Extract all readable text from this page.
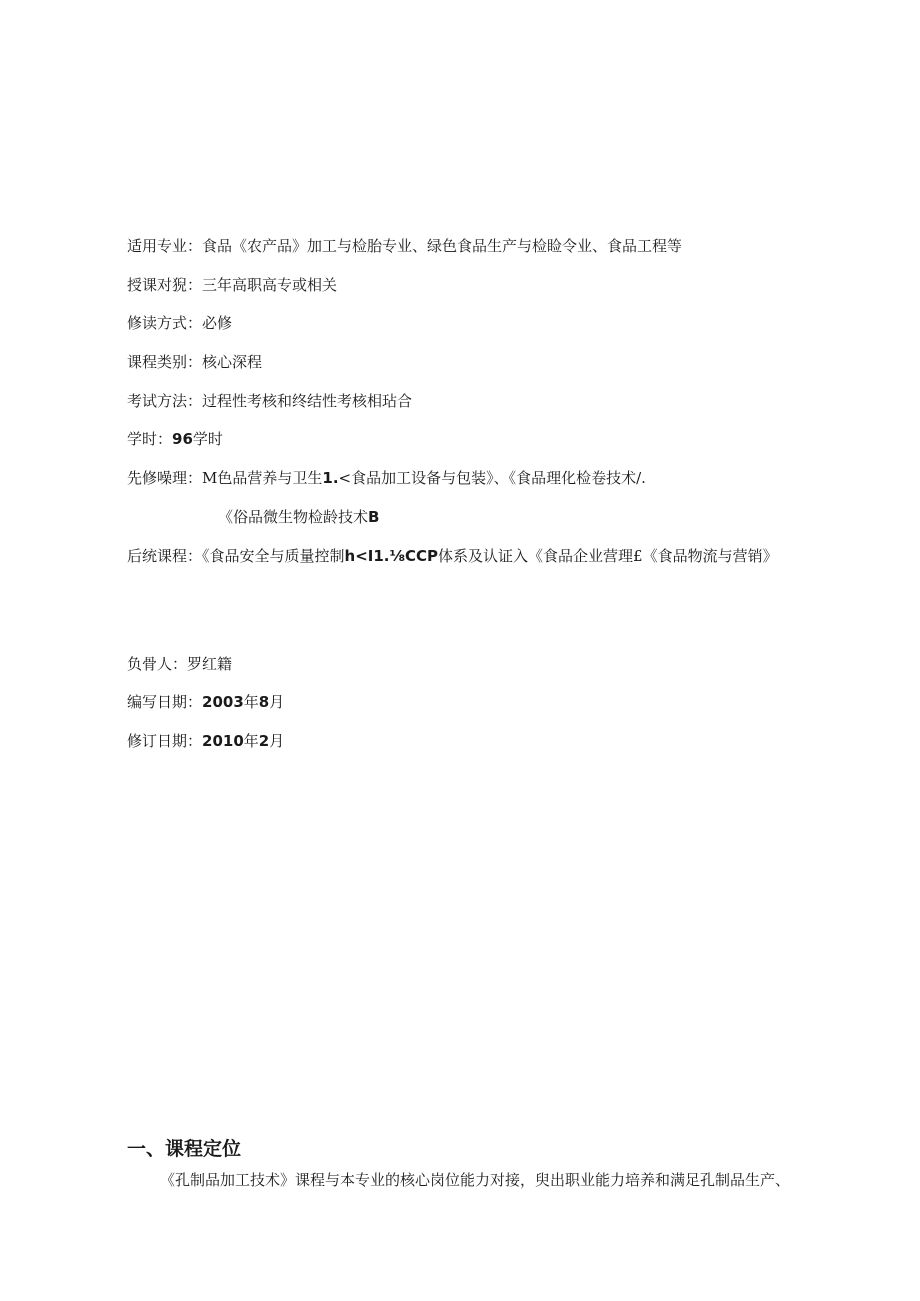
适用专业：食品《农产品》加工与检胎专业、绿色食品生产与检睑令业、食品工程等
授课对猊：三年高职高专或相关
修读方式：必修
课程类别：核心深程
考试方法：过程性考核和终结性考核相玷合
学时：96学时
先修噪理：M色品营养与卫生1.<食品加工设备与包装》、《食品理化检卷技术/.
《俗品微生物检龄技术B
后统课程：《食品安全与质量控制h<I1.⅛CCP体系及认证入《食品企业营理£《食品物流与营销》
负骨人：罗红籍
编写日期：2003年8月
修订日期：2010年2月
一、课程定位
《孔制品加工技术》课程与本专业的核心岗位能力对接，臾出职业能力培养和满足孔制品生产、
